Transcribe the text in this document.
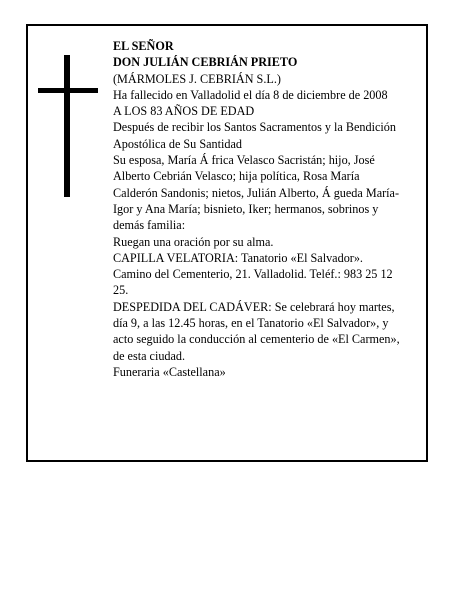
EL SEÑOR

DON JULIÁN CEBRIÁN PRIETO

(MÁRMOLES J. CEBRIÁN S.L.)

Ha fallecido en Valladolid el día 8 de diciembre de 2008

A LOS 83 AÑOS DE EDAD

Después de recibir los Santos Sacramentos y la Bendición Apostólica de Su Santidad

Su esposa, María Á frica Velasco Sacristán; hijo, José Alberto Cebrián Velasco; hija política, Rosa María Calderón Sandonis; nietos, Julián Alberto, Á gueda María-Igor y Ana María; bisnieto, Iker; hermanos, sobrinos y demás familia:

Ruegan una oración por su alma.

CAPILLA VELATORIA: Tanatorio «El Salvador». Camino del Cementerio, 21. Valladolid. Teléf.: 983 25 12 25.

DESPEDIDA DEL CADÁVER: Se celebrará hoy martes, día 9, a las 12.45 horas, en el Tanatorio «El Salvador», y acto seguido la conducción al cementerio de «El Carmen», de esta ciudad.

Funeraria «Castellana»
